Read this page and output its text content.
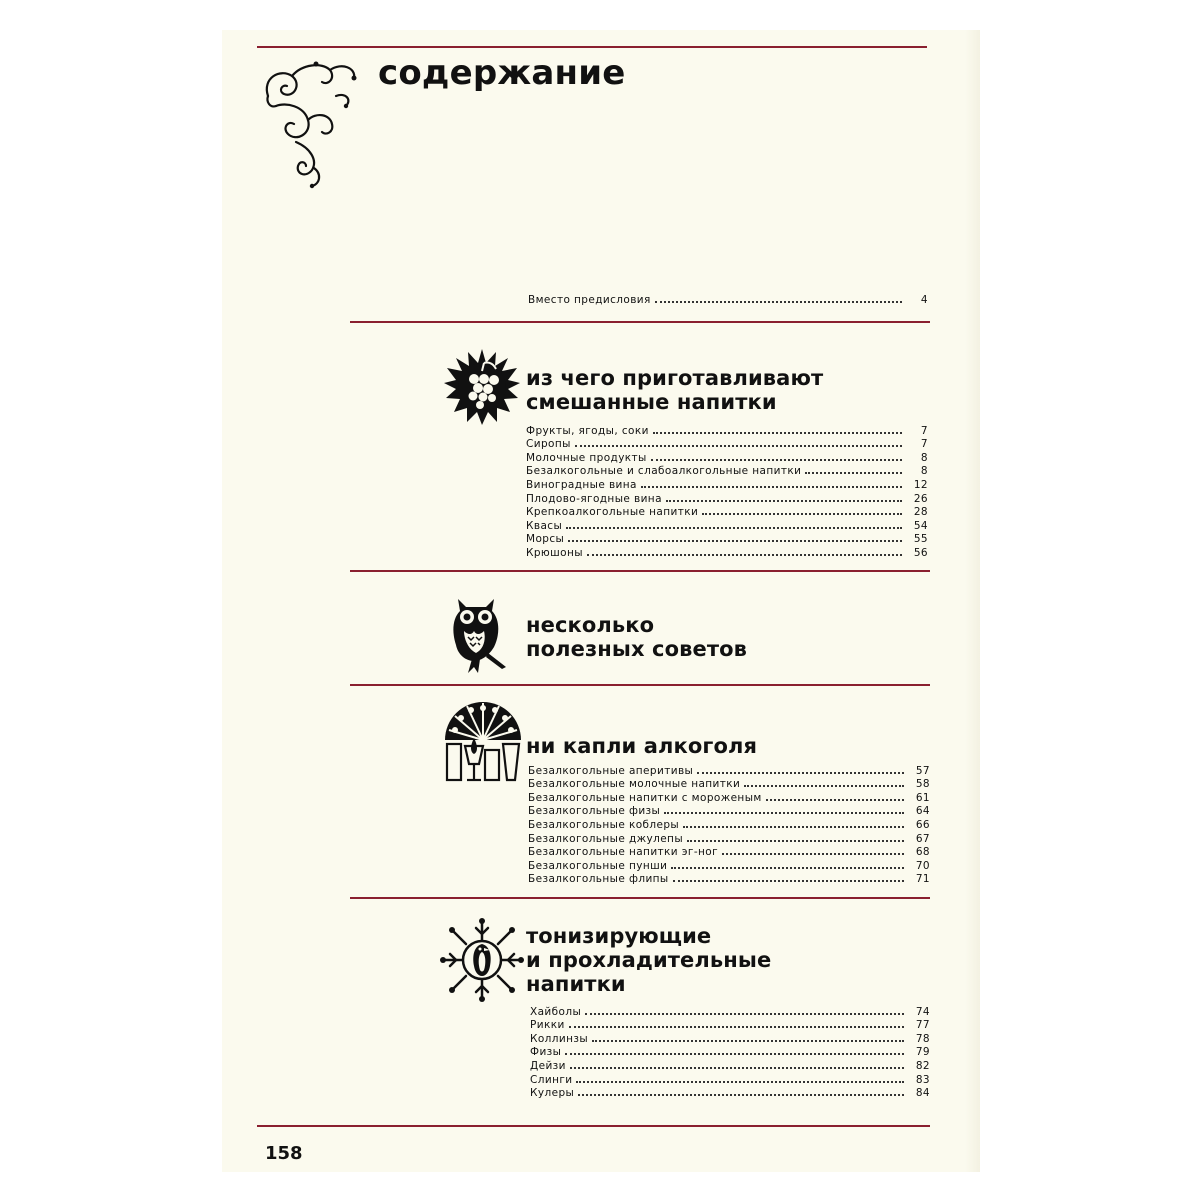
содержание
Вместо предисловия	4
из чего приготавливают
смешанные напитки
Фрукты, ягоды, соки	7
Сиропы	7
Молочные продукты	8
Безалкогольные и слабоалкогольные напитки	8
Виноградные вина	12
Плодово-ягодные вина	26
Крепкоалкогольные напитки	28
Квасы	54
Морсы	55
Крюшоны	56
несколько
полезных советов
ни капли алкоголя
Безалкогольные аперитивы	57
Безалкогольные молочные напитки	58
Безалкогольные напитки с мороженым	61
Безалкогольные физы	64
Безалкогольные коблеры	66
Безалкогольные джулепы	67
Безалкогольные напитки эг-ног	68
Безалкогольные пунши	70
Безалкогольные флипы	71
тонизирующие
и прохладительные
напитки
Хайболы	74
Рикки	77
Коллинзы	78
Физы	79
Дейзи	82
Слинги	83
Кулеры	84
158
